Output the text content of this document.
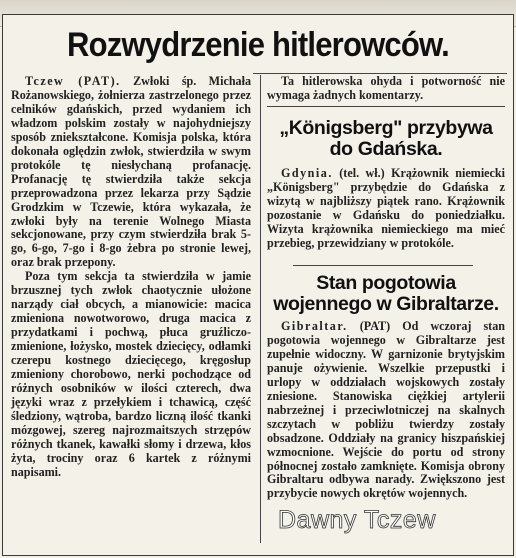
Rozwydrzenie hitlerowców.

Tczew (PAT). Zwłoki śp. Michała Rożanowskiego, żołnierza zastrzelonego przez celników gdańskich, przed wydaniem ich władzom polskim zostały w najohydniejszy sposób zniekształcone. Komisja polska, która dokonała oględzin zwłok, stwierdziła w swym protokóle tę niesłychaną profanację. Profanację tę stwierdziła także sekcja przeprowadzona przez lekarza przy Sądzie Grodzkim w Tczewie, która wykazała, że zwłoki były na terenie Wolnego Miasta sekcjonowane, przy czym stwierdziła brak 5-go, 6-go, 7-go i 8-go żebra po stronie lewej, oraz brak przepony.

Poza tym sekcja ta stwierdziła w jamie brzusznej tych zwłok chaotycznie ułożone narządy ciał obcych, a mianowicie: macica zmieniona nowotworowo, druga macica z przydatkami i pochwą, płuca gruźliczo-zmienione, łożysko, mostek dziecięcy, odłamki czerepu kostnego dziecięcego, kręgosłup zmieniony chorobowo, nerki pochodzące od różnych osobników w ilości czterech, dwa języki wraz z przełykiem i tchawicą, część śledziony, wątroba, bardzo liczną ilość tkanki mózgowej, szereg najrozmaitszych strzępów różnych tkanek, kawałki słomy i drzewa, kłos żyta, trociny oraz 6 kartek z różnymi napisami.

Ta hitlerowska ohyda i potworność nie wymaga żadnych komentarzy.

„Königsberg" przybywa do Gdańska.

Gdynia. (tel. wł.) Krążownik niemiecki „Königsberg" przybędzie do Gdańska z wizytą w najbliższy piątek rano. Krążownik pozostanie w Gdańsku do poniedziałku. Wizyta krążownika niemieckiego ma mieć przebieg, przewidziany w protokóle.

Stan pogotowia wojennego w Gibraltarze.

Gibraltar. (PAT) Od wczoraj stan pogotowia wojennego w Gibraltarze jest zupełnie widoczny. W garnizonie brytyjskim panuje ożywienie. Wszelkie przepustki i urlopy w oddziałach wojskowych zostały zniesione. Stanowiska ciężkiej artylerii nabrzeżnej i przeciwlotniczej na skalnych szczytach w pobliżu twierdzy zostały obsadzone. Oddziały na granicy hiszpańskiej wzmocnione. Wejście do portu od strony północnej zostało zamknięte. Komisja obrony Gibraltaru odbywa narady. Zwiększono jest przybycie nowych okrętów wojennych.

Dawny Tczew
